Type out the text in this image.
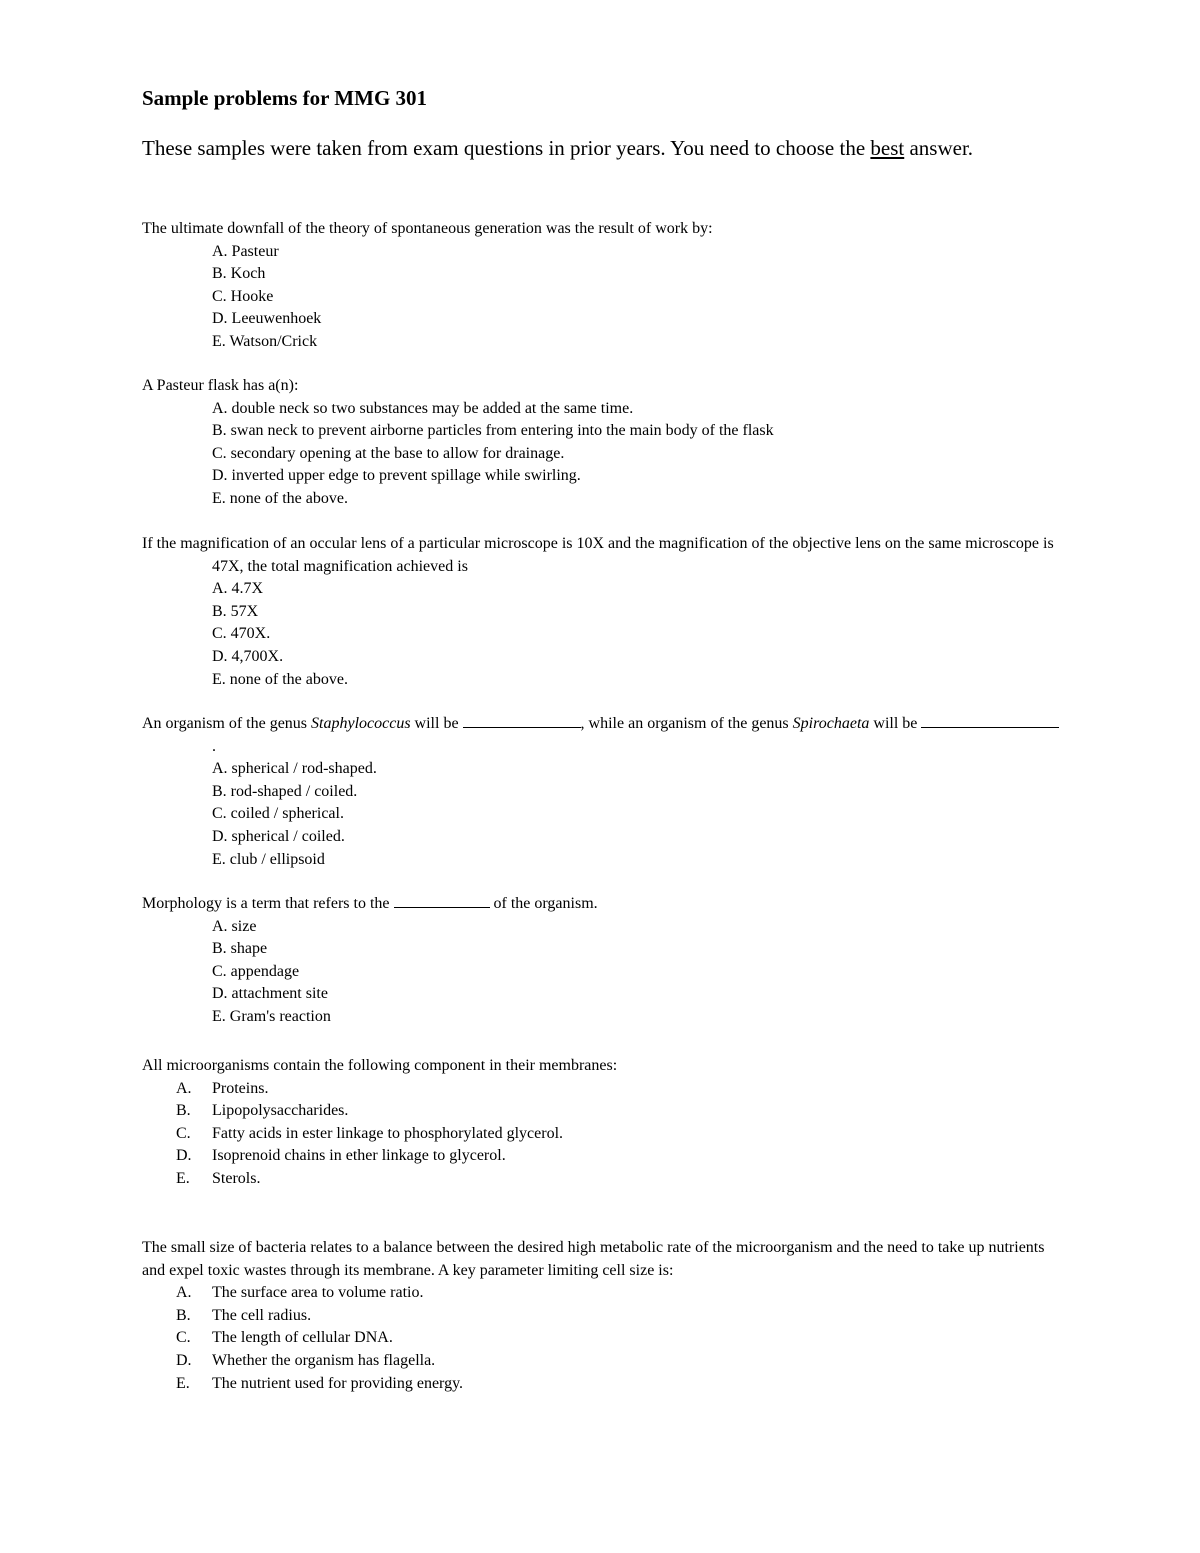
Sample problems for MMG 301
These samples were taken from exam questions in prior years. You need to choose the best answer.

The ultimate downfall of the theory of spontaneous generation was the result of work by:

A. Pasteur
B. Koch
C. Hooke
D. Leeuwenhoek
E. Watson/Crick

A Pasteur flask has a(n):

A. double neck so two substances may be added at the same time.
B. swan neck to prevent airborne particles from entering into the main body of the flask
C. secondary opening at the base to allow for drainage.
D. inverted upper edge to prevent spillage while swirling.
E. none of the above.

If the magnification of an occular lens of a particular microscope is 10X and the magnification of the objective lens on the same microscope is 47X, the total magnification achieved is

A. 4.7X
B. 57X
C. 470X.
D. 4,700X.
E. none of the above.

An organism of the genus Staphylococcus will be	, while an organism of the genus Spirochaeta will be .

A. spherical / rod-shaped.
B. rod-shaped / coiled.
C. coiled / spherical.
D. spherical / coiled.
E. club / ellipsoid

Morphology is a term that refers to the	of the organism.

A. size
B. shape
C. appendage
D. attachment site
E. Gram's reaction

All microorganisms contain the following component in their membranes:

A.	Proteins.
B.	Lipopolysaccharides.
C.	Fatty acids in ester linkage to phosphorylated glycerol.
D.	Isoprenoid chains in ether linkage to glycerol.
E.	Sterols.

The small size of bacteria relates to a balance between the desired high metabolic rate of the microorganism and the need to take up nutrients and expel toxic wastes through its membrane. A key parameter limiting cell size is:

A.	The surface area to volume ratio.
B.	The cell radius.
C.	The length of cellular DNA.
D.	Whether the organism has flagella.
E.	The nutrient used for providing energy.
